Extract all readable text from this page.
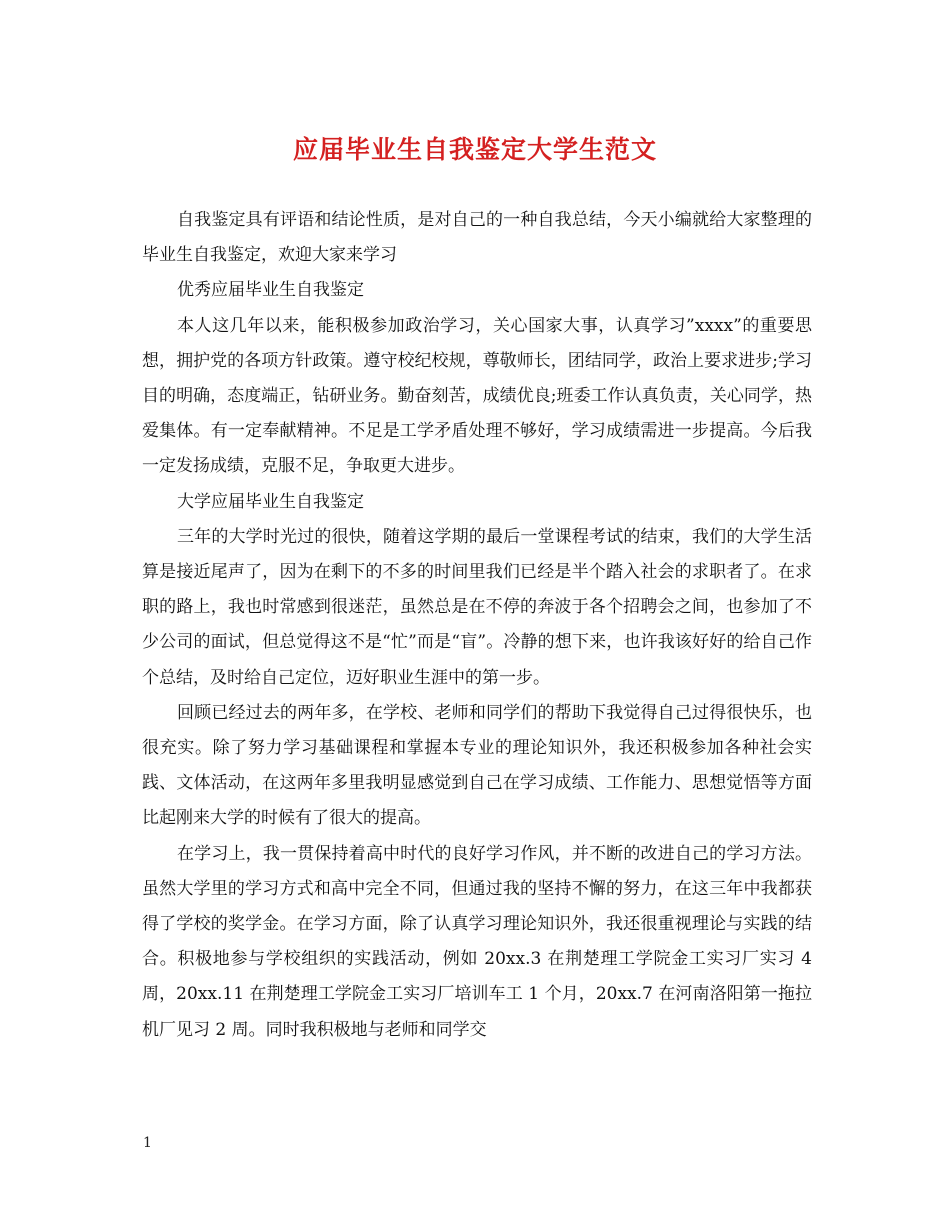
应届毕业生自我鉴定大学生范文

自我鉴定具有评语和结论性质，是对自己的一种自我总结，今天小编就给大家整理的毕业生自我鉴定，欢迎大家来学习

优秀应届毕业生自我鉴定

本人这几年以来，能积极参加政治学习，关心国家大事，认真学习”xxxx”的重要思想，拥护党的各项方针政策。遵守校纪校规，尊敬师长，团结同学，政治上要求进步;学习目的明确，态度端正，钻研业务。勤奋刻苦，成绩优良;班委工作认真负责，关心同学，热爱集体。有一定奉献精神。不足是工学矛盾处理不够好，学习成绩需进一步提高。今后我一定发扬成绩，克服不足，争取更大进步。

大学应届毕业生自我鉴定

三年的大学时光过的很快，随着这学期的最后一堂课程考试的结束，我们的大学生活算是接近尾声了，因为在剩下的不多的时间里我们已经是半个踏入社会的求职者了。在求职的路上，我也时常感到很迷茫，虽然总是在不停的奔波于各个招聘会之间，也参加了不少公司的面试，但总觉得这不是“忙”而是“盲”。冷静的想下来，也许我该好好的给自己作个总结，及时给自己定位，迈好职业生涯中的第一步。

回顾已经过去的两年多，在学校、老师和同学们的帮助下我觉得自己过得很快乐，也很充实。除了努力学习基础课程和掌握本专业的理论知识外，我还积极参加各种社会实践、文体活动，在这两年多里我明显感觉到自己在学习成绩、工作能力、思想觉悟等方面比起刚来大学的时候有了很大的提高。

在学习上，我一贯保持着高中时代的良好学习作风，并不断的改进自己的学习方法。虽然大学里的学习方式和高中完全不同，但通过我的坚持不懈的努力，在这三年中我都获得了学校的奖学金。在学习方面，除了认真学习理论知识外，我还很重视理论与实践的结合。积极地参与学校组织的实践活动，例如 20xx.3 在荆楚理工学院金工实习厂实习 4 周，20xx.11 在荆楚理工学院金工实习厂培训车工 1 个月，20xx.7 在河南洛阳第一拖拉机厂见习 2 周。同时我积极地与老师和同学交

1
